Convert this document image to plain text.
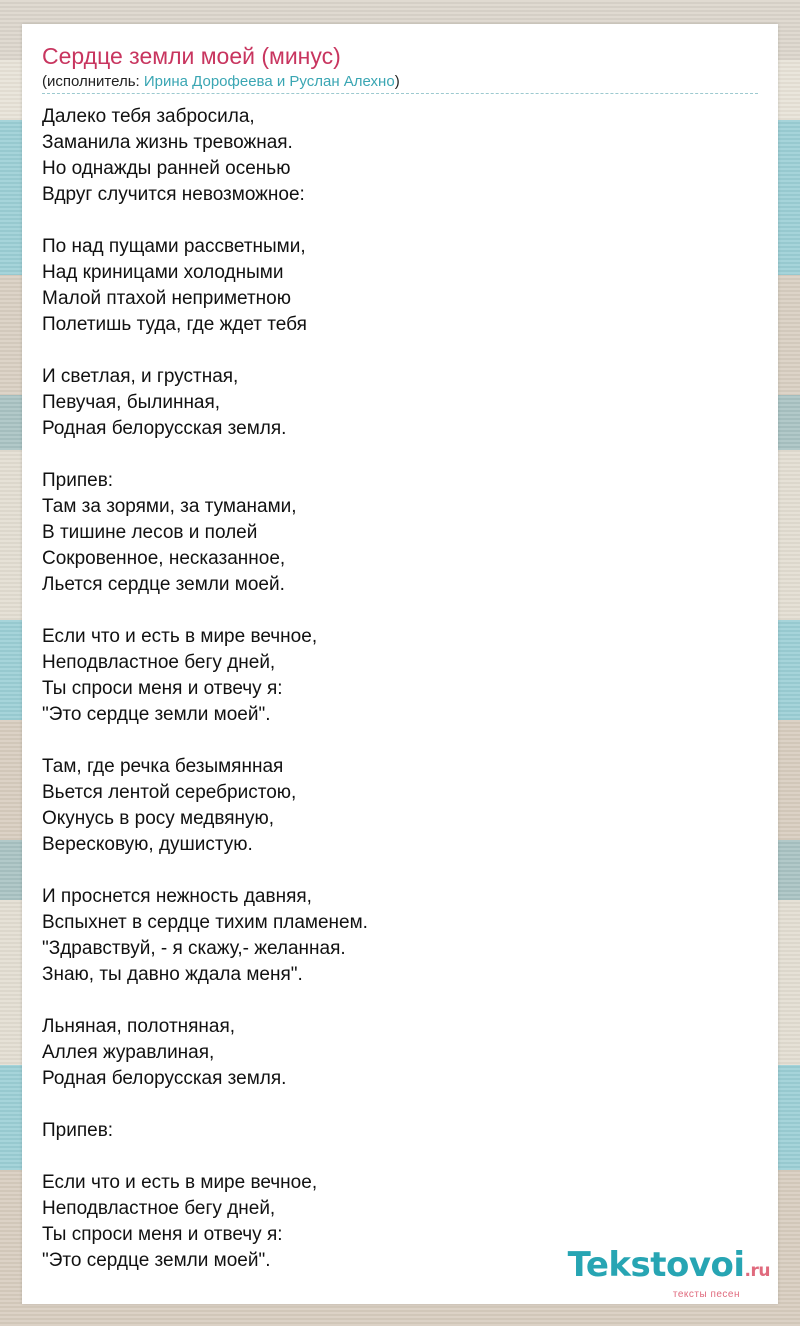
Сердце земли моей (минус)
(исполнитель: Ирина Дорофеева и Руслан Алехно)
Далеко тебя забросила,
Заманила жизнь тревожная.
Но однажды ранней осенью
Вдруг случится невозможное:
По над пущами рассветными,
Над криницами холодными
Малой птахой неприметною
Полетишь туда, где ждет тебя
И светлая, и грустная,
Певучая, былинная,
Родная белорусская земля.
Припев:
Там за зорями, за туманами,
В тишине лесов и полей
Сокровенное, несказанное,
Льется сердце земли моей.
Если что и есть в мире вечное,
Неподвластное бегу дней,
Ты спроси меня и отвечу я:
"Это сердце земли моей".
Там, где речка безымянная
Вьется лентой серебристою,
Окунусь в росу медвяную,
Вересковую, душистую.
И проснется нежность давняя,
Вспыхнет в сердце тихим пламенем.
"Здравствуй, - я скажу,- желанная.
Знаю, ты давно ждала меня".
Льняная, полотняная,
Аллея журавлиная,
Родная белорусская земля.
Припев:
Если что и есть в мире вечное,
Неподвластное бегу дней,
Ты спроси меня и отвечу я:
"Это сердце земли моей".	Tekstovoi.ru
тексты песен
